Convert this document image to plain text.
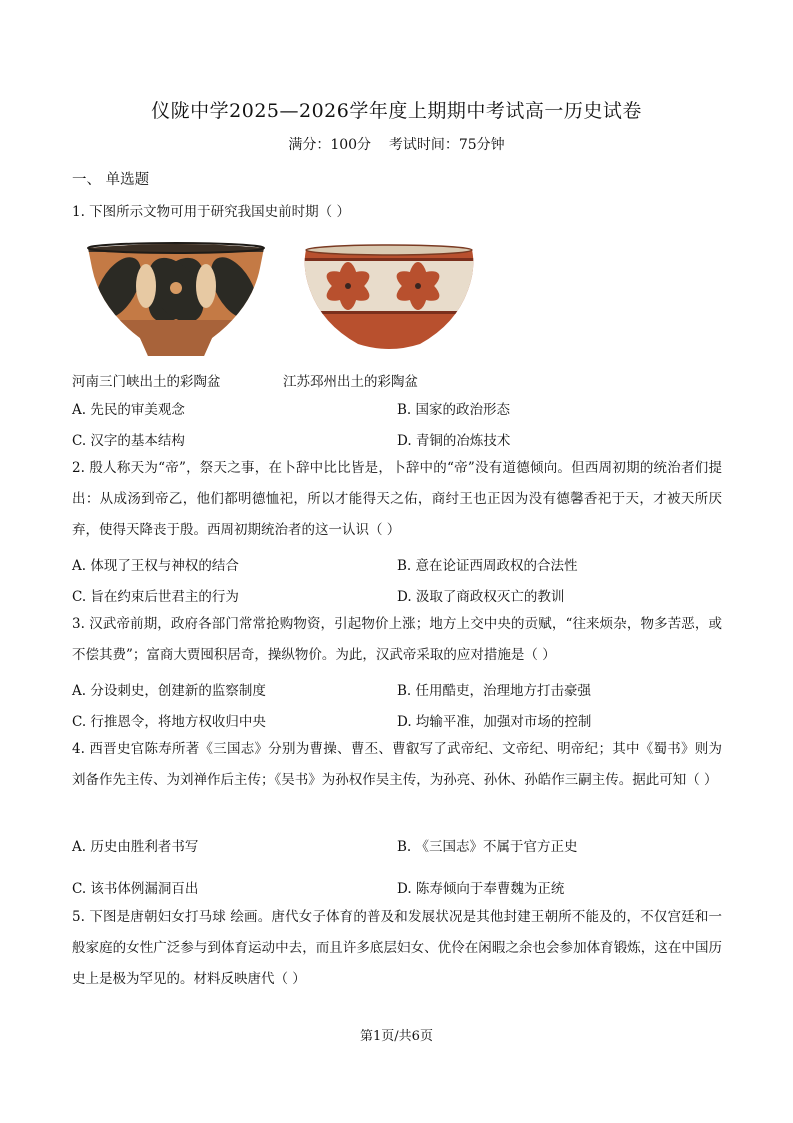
仪陇中学2025—2026学年度上期期中考试高一历史试卷
满分：100分    考试时间：75分钟
一、 单选题
1. 下图所示文物可用于研究我国史前时期（ ）
河南三门峡出土的彩陶盆	江苏邳州出土的彩陶盆
A. 先民的审美观念	B. 国家的政治形态
C. 汉字的基本结构	D. 青铜的冶炼技术
2. 殷人称天为“帝”，祭天之事，在卜辞中比比皆是，卜辞中的“帝”没有道德倾向。但西周初期的统治者们提出：从成汤到帝乙，他们都明德恤祀，所以才能得天之佑，商纣王也正因为没有德馨香祀于天，才被天所厌弃，使得天降丧于殷。西周初期统治者的这一认识（ ）
A. 体现了王权与神权的结合	B. 意在论证西周政权的合法性
C. 旨在约束后世君主的行为	D. 汲取了商政权灭亡的教训
3. 汉武帝前期，政府各部门常常抢购物资，引起物价上涨；地方上交中央的贡赋，“往来烦杂，物多苦恶，或不偿其费”；富商大贾囤积居奇，操纵物价。为此，汉武帝采取的应对措施是（ ）
A. 分设刺史，创建新的监察制度	B. 任用酷吏，治理地方打击豪强
C. 行推恩令，将地方权收归中央	D. 均输平准，加强对市场的控制
4. 西晋史官陈寿所著《三国志》分别为曹操、曹丕、曹叡写了武帝纪、文帝纪、明帝纪；其中《蜀书》则为刘备作先主传、为刘禅作后主传；《吴书》为孙权作吴主传，为孙亮、孙休、孙皓作三嗣主传。据此可知（ ）
A. 历史由胜利者书写	B. 《三国志》不属于官方正史
C. 该书体例漏洞百出	D. 陈寿倾向于奉曹魏为正统
5. 下图是唐朝妇女打马球 绘画。唐代女子体育的普及和发展状况是其他封建王朝所不能及的，不仅宫廷和一般家庭的女性广泛参与到体育运动中去，而且许多底层妇女、优伶在闲暇之余也会参加体育锻炼，这在中国历史上是极为罕见的。材料反映唐代（ ）
第1页/共6页
